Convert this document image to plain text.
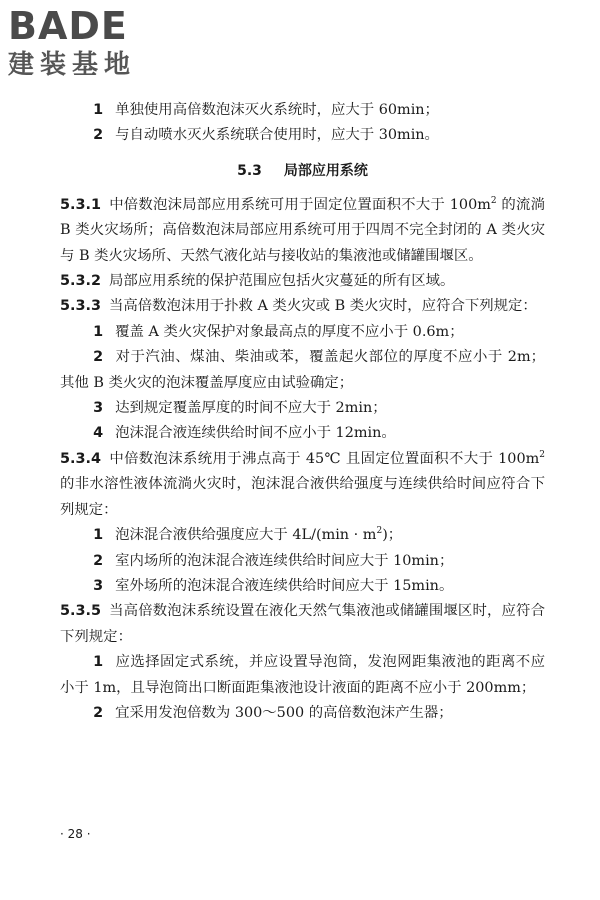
BADE
建装基地

1 单独使用高倍数泡沫灭火系统时，应大于 60min；

2 与自动喷水灭火系统联合使用时，应大于 30min。

5.3 局部应用系统

5.3.1 中倍数泡沫局部应用系统可用于固定位置面积不大于 $100m^2$ 的流淌 B 类火灾场所；高倍数泡沫局部应用系统可用于四周不完全封闭的 A 类火灾与 B 类火灾场所、天然气液化站与接收站的集液池或储罐围堰区。

5.3.2 局部应用系统的保护范围应包括火灾蔓延的所有区域。

5.3.3 当高倍数泡沫用于扑救 A 类火灾或 B 类火灾时，应符合下列规定：

1 覆盖 A 类火灾保护对象最高点的厚度不应小于 0.6m；

2 对于汽油、煤油、柴油或苯，覆盖起火部位的厚度不应小于 2m；其他 B 类火灾的泡沫覆盖厚度应由试验确定；

3 达到规定覆盖厚度的时间不应大于 2min；

4 泡沫混合液连续供给时间不应小于 12min。

5.3.4 中倍数泡沫系统用于沸点高于 45℃ 且固定位置面积不大于 $100m^2$ 的非水溶性液体流淌火灾时，泡沫混合液供给强度与连续供给时间应符合下列规定：

1 泡沫混合液供给强度应大于 $4L/(\min \cdot m^2)$；

2 室内场所的泡沫混合液连续供给时间应大于 10min；

3 室外场所的泡沫混合液连续供给时间应大于 15min。

5.3.5 当高倍数泡沫系统设置在液化天然气集液池或储罐围堰区时，应符合下列规定：

1 应选择固定式系统，并应设置导泡筒，发泡网距集液池的距离不应小于 1m，且导泡筒出口断面距集液池设计液面的距离不应小于 200mm；

2 宜采用发泡倍数为 300～500 的高倍数泡沫产生器；

· 28 ·
